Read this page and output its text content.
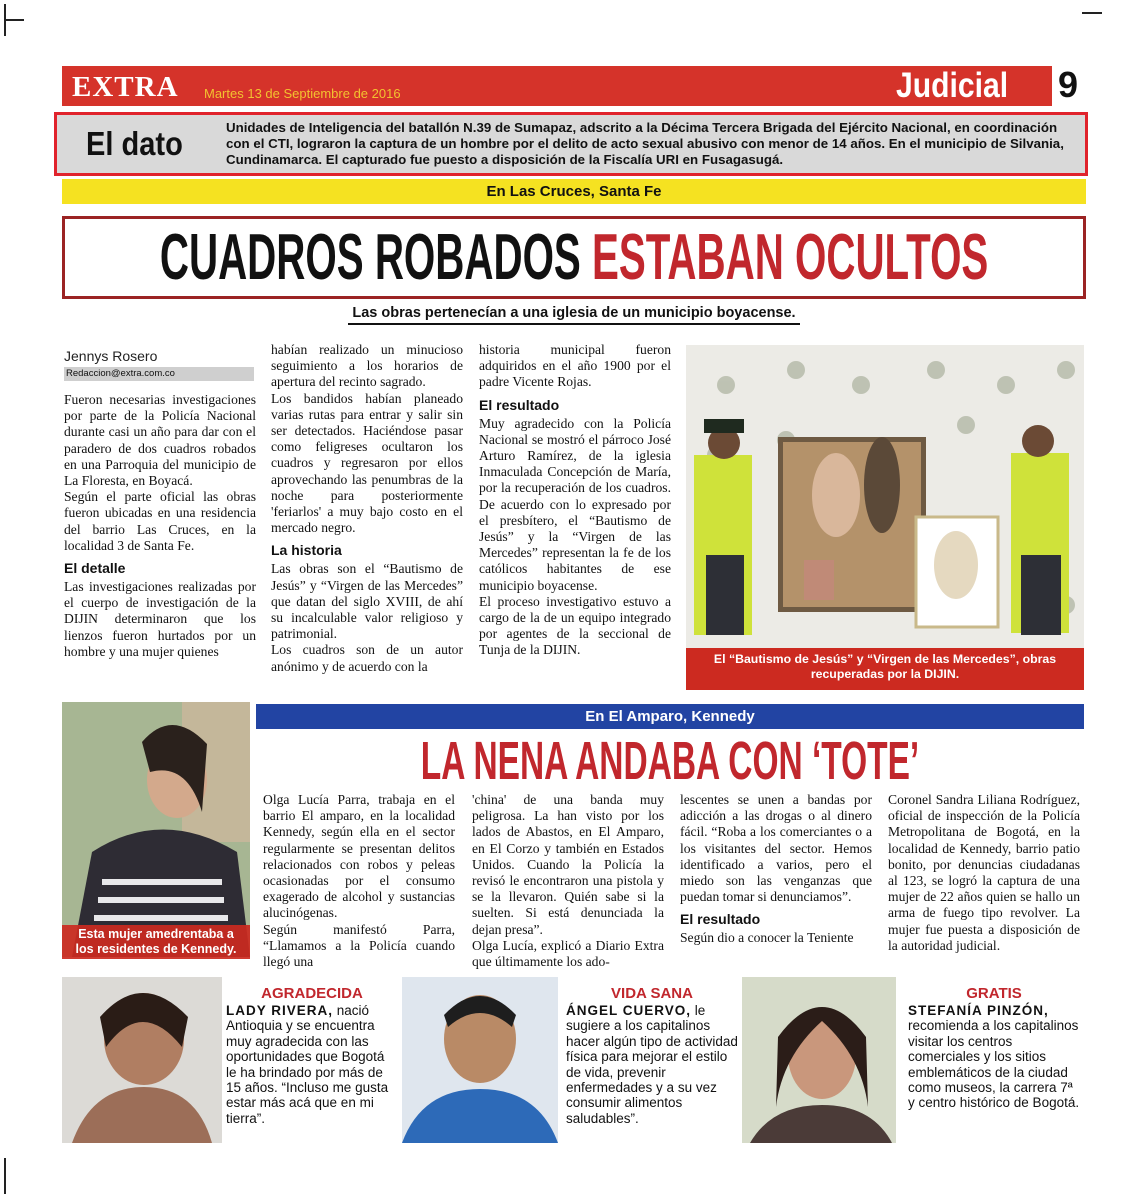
EXTRA Martes 13 de Septiembre de 2016	Judicial 9
El dato	Unidades de Inteligencia del batallón N.39 de Sumapaz, adscrito a la Décima Tercera Brigada del Ejército Nacional, en coordinación con el CTI, lograron la captura de un hombre por el delito de acto sexual abusivo con menor de 14 años. En el municipio de Silvania, Cundinamarca. El capturado fue puesto a disposición de la Fiscalía URI en Fusagasugá.
En Las Cruces, Santa Fe
CUADROS ROBADOS ESTABAN OCULTOS
Las obras pertenecían a una iglesia de un municipio boyacense.
Jennys Rosero
Redaccion@extra.com.co

Fueron necesarias investigaciones por parte de la Policía Nacional durante casi un año para dar con el paradero de dos cuadros robados en una Parroquia del municipio de La Floresta, en Boyacá.

Según el parte oficial las obras fueron ubicadas en una residencia del barrio Las Cruces, en la localidad 3 de Santa Fe.

El detalle

Las investigaciones realizadas por el cuerpo de investigación de la DIJIN determinaron que los lienzos fueron hurtados por un hombre y una mujer quienes

habían realizado un minucioso seguimiento a los horarios de apertura del recinto sagrado.

Los bandidos habían planeado varias rutas para entrar y salir sin ser detectados. Haciéndose pasar como feligreses ocultaron los cuadros y regresaron por ellos aprovechando las penumbras de la noche para posteriormente 'feriarlos' a muy bajo costo en el mercado negro.

La historia

Las obras son el “Bautismo de Jesús” y “Virgen de las Mercedes” que datan del siglo XVIII, de ahí su incalculable valor religioso y patrimonial.

Los cuadros son de un autor anónimo y de acuerdo con la

historia municipal fueron adquiridos en el año 1900 por el padre Vicente Rojas.

El resultado

Muy agradecido con la Policía Nacional se mostró el párroco José Arturo Ramírez, de la iglesia Inmaculada Concepción de María, por la recuperación de los cuadros. De acuerdo con lo expresado por el presbítero, el “Bautismo de Jesús” y la “Virgen de las Mercedes” representan la fe de los católicos habitantes de ese municipio boyacense.

El proceso investigativo estuvo a cargo de la de un equipo integrado por agentes de la seccional de Tunja de la DIJIN.

El “Bautismo de Jesús” y “Virgen de las Mercedes”, obras recuperadas por la DIJIN.
Esta mujer amedrentaba a los residentes de Kennedy.
En El Amparo, Kennedy
LA NENA ANDABA CON ‘TOTE’

Olga Lucía Parra, trabaja en el barrio El amparo, en la localidad Kennedy, según ella en el sector regularmente se presentan delitos relacionados con robos y peleas ocasionadas por el consumo exagerado de alcohol y sustancias alucinógenas.

Según manifestó Parra, “Llamamos a la Policía cuando llegó una

'china' de una banda muy peligrosa. La han visto por los lados de Abastos, en El Amparo, en El Corzo y también en Estados Unidos. Cuando la Policía la revisó le encontraron una pistola y se la llevaron. Quién sabe si la suelten. Si está denunciada la dejan presa”.

Olga Lucía, explicó a Diario Extra que últimamente los ado-

lescentes se unen a bandas por adicción a las drogas o al dinero fácil. “Roba a los comerciantes o a los visitantes del sector. Hemos identificado a varios, pero el miedo son las venganzas que puedan tomar si denunciamos”.

El resultado

Según dio a conocer la Teniente

Coronel Sandra Liliana Rodríguez, oficial de inspección de la Policía Metropolitana de Bogotá, en la localidad de Kennedy, barrio patio bonito, por denuncias ciudadanas al 123, se logró la captura de una mujer de 22 años quien se hallo un arma de fuego tipo revolver. La mujer fue puesta a disposición de la autoridad judicial.

AGRADECIDA
LADY RIVERA, nació Antioquia y se encuentra muy agradecida con las oportunidades que Bogotá le ha brindado por más de 15 años. “Incluso me gusta estar más acá que en mi tierra”.
VIDA SANA
ÁNGEL CUERVO, le sugiere a los capitalinos hacer algún tipo de actividad física para mejorar el estilo de vida, prevenir enfermedades y a su vez consumir alimentos saludables”.
GRATIS
STEFANÍA PINZÓN, recomienda a los capitalinos visitar los centros comerciales y los sitios emblemáticos de la ciudad como museos, la carrera 7ª y centro histórico de Bogotá.
